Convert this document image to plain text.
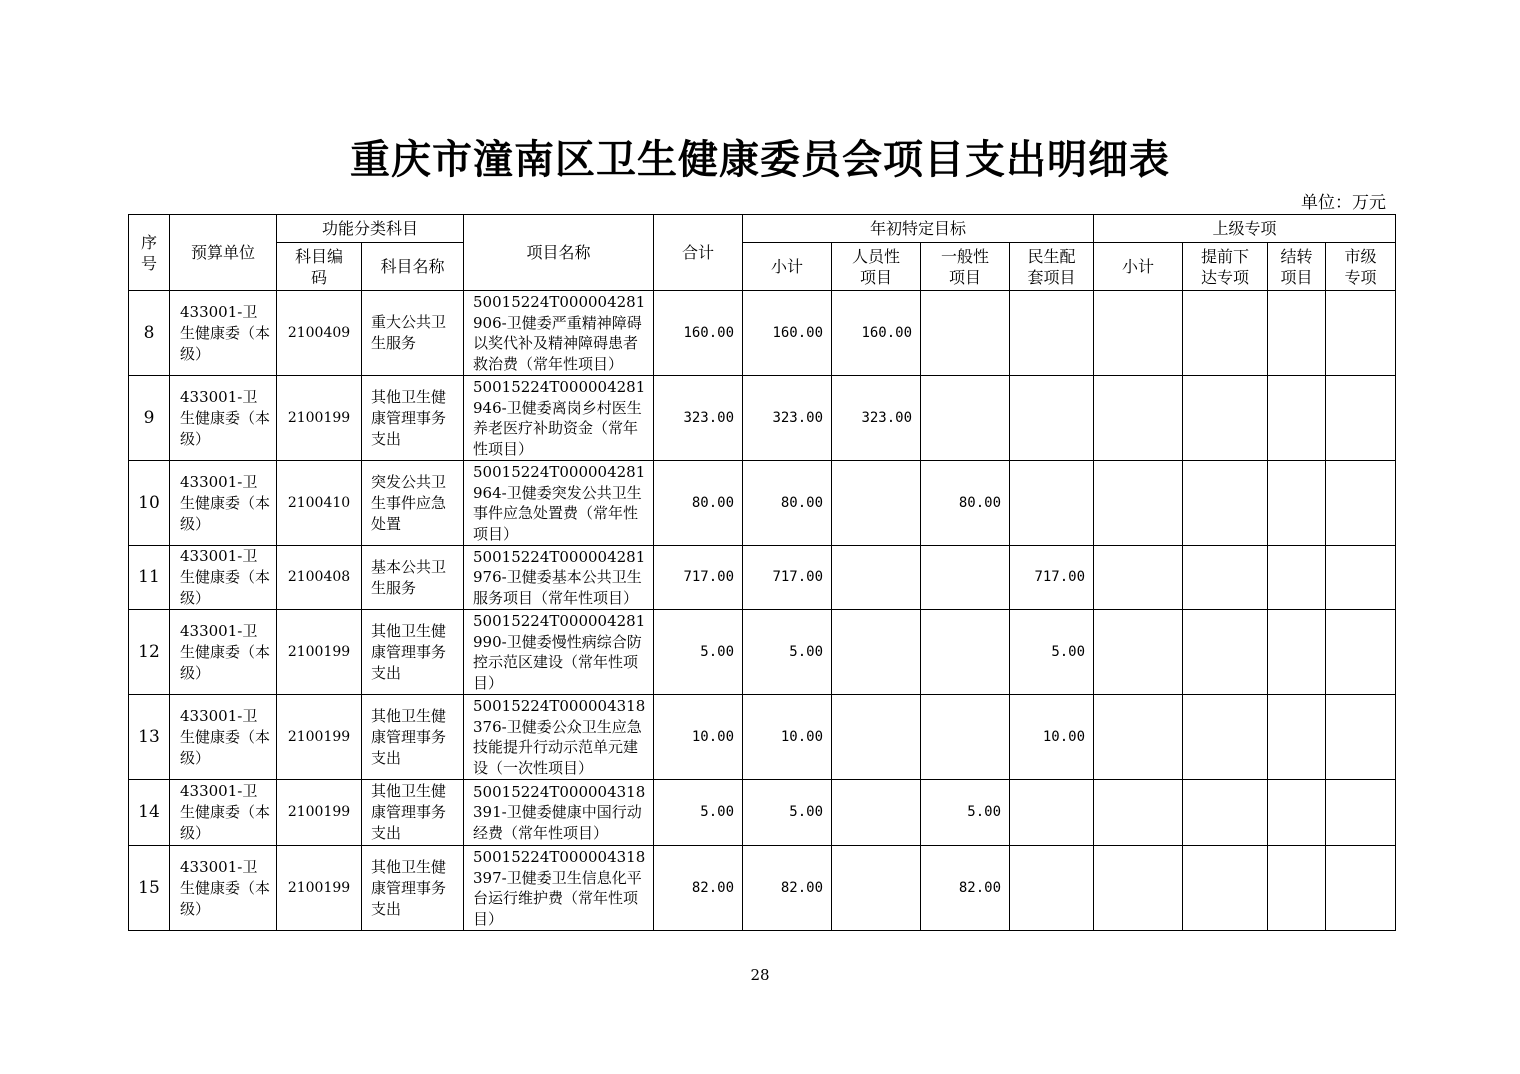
重庆市潼南区卫生健康委员会项目支出明细表
单位：万元
序号	预算单位	功能分类科目		项目名称	合计	年初特定目标				上级专项			
		科目编码	科目名称			小计	人员性项目	一般性项目	民生配套项目	小计	提前下达专项	结转项目	市级专项
8	433001-卫生健康委（本级）	2100409	重大公共卫生服务	50015224T000004281906-卫健委严重精神障碍以奖代补及精神障碍患者救治费（常年性项目）	160.00	160.00	160.00						
9	433001-卫生健康委（本级）	2100199	其他卫生健康管理事务支出	50015224T000004281946-卫健委离岗乡村医生养老医疗补助资金（常年性项目）	323.00	323.00	323.00						
10	433001-卫生健康委（本级）	2100410	突发公共卫生事件应急处置	50015224T000004281964-卫健委突发公共卫生事件应急处置费（常年性项目）	80.00	80.00		80.00					
11	433001-卫生健康委（本级）	2100408	基本公共卫生服务	50015224T000004281976-卫健委基本公共卫生服务项目（常年性项目）	717.00	717.00			717.00				
12	433001-卫生健康委（本级）	2100199	其他卫生健康管理事务支出	50015224T000004281990-卫健委慢性病综合防控示范区建设（常年性项目）	5.00	5.00			5.00				
13	433001-卫生健康委（本级）	2100199	其他卫生健康管理事务支出	50015224T000004318376-卫健委公众卫生应急技能提升行动示范单元建设（一次性项目）	10.00	10.00			10.00				
14	433001-卫生健康委（本级）	2100199	其他卫生健康管理事务支出	50015224T000004318391-卫健委健康中国行动经费（常年性项目）	5.00	5.00		5.00					
15	433001-卫生健康委（本级）	2100199	其他卫生健康管理事务支出	50015224T000004318397-卫健委卫生信息化平台运行维护费（常年性项目）	82.00	82.00		82.00					
28
